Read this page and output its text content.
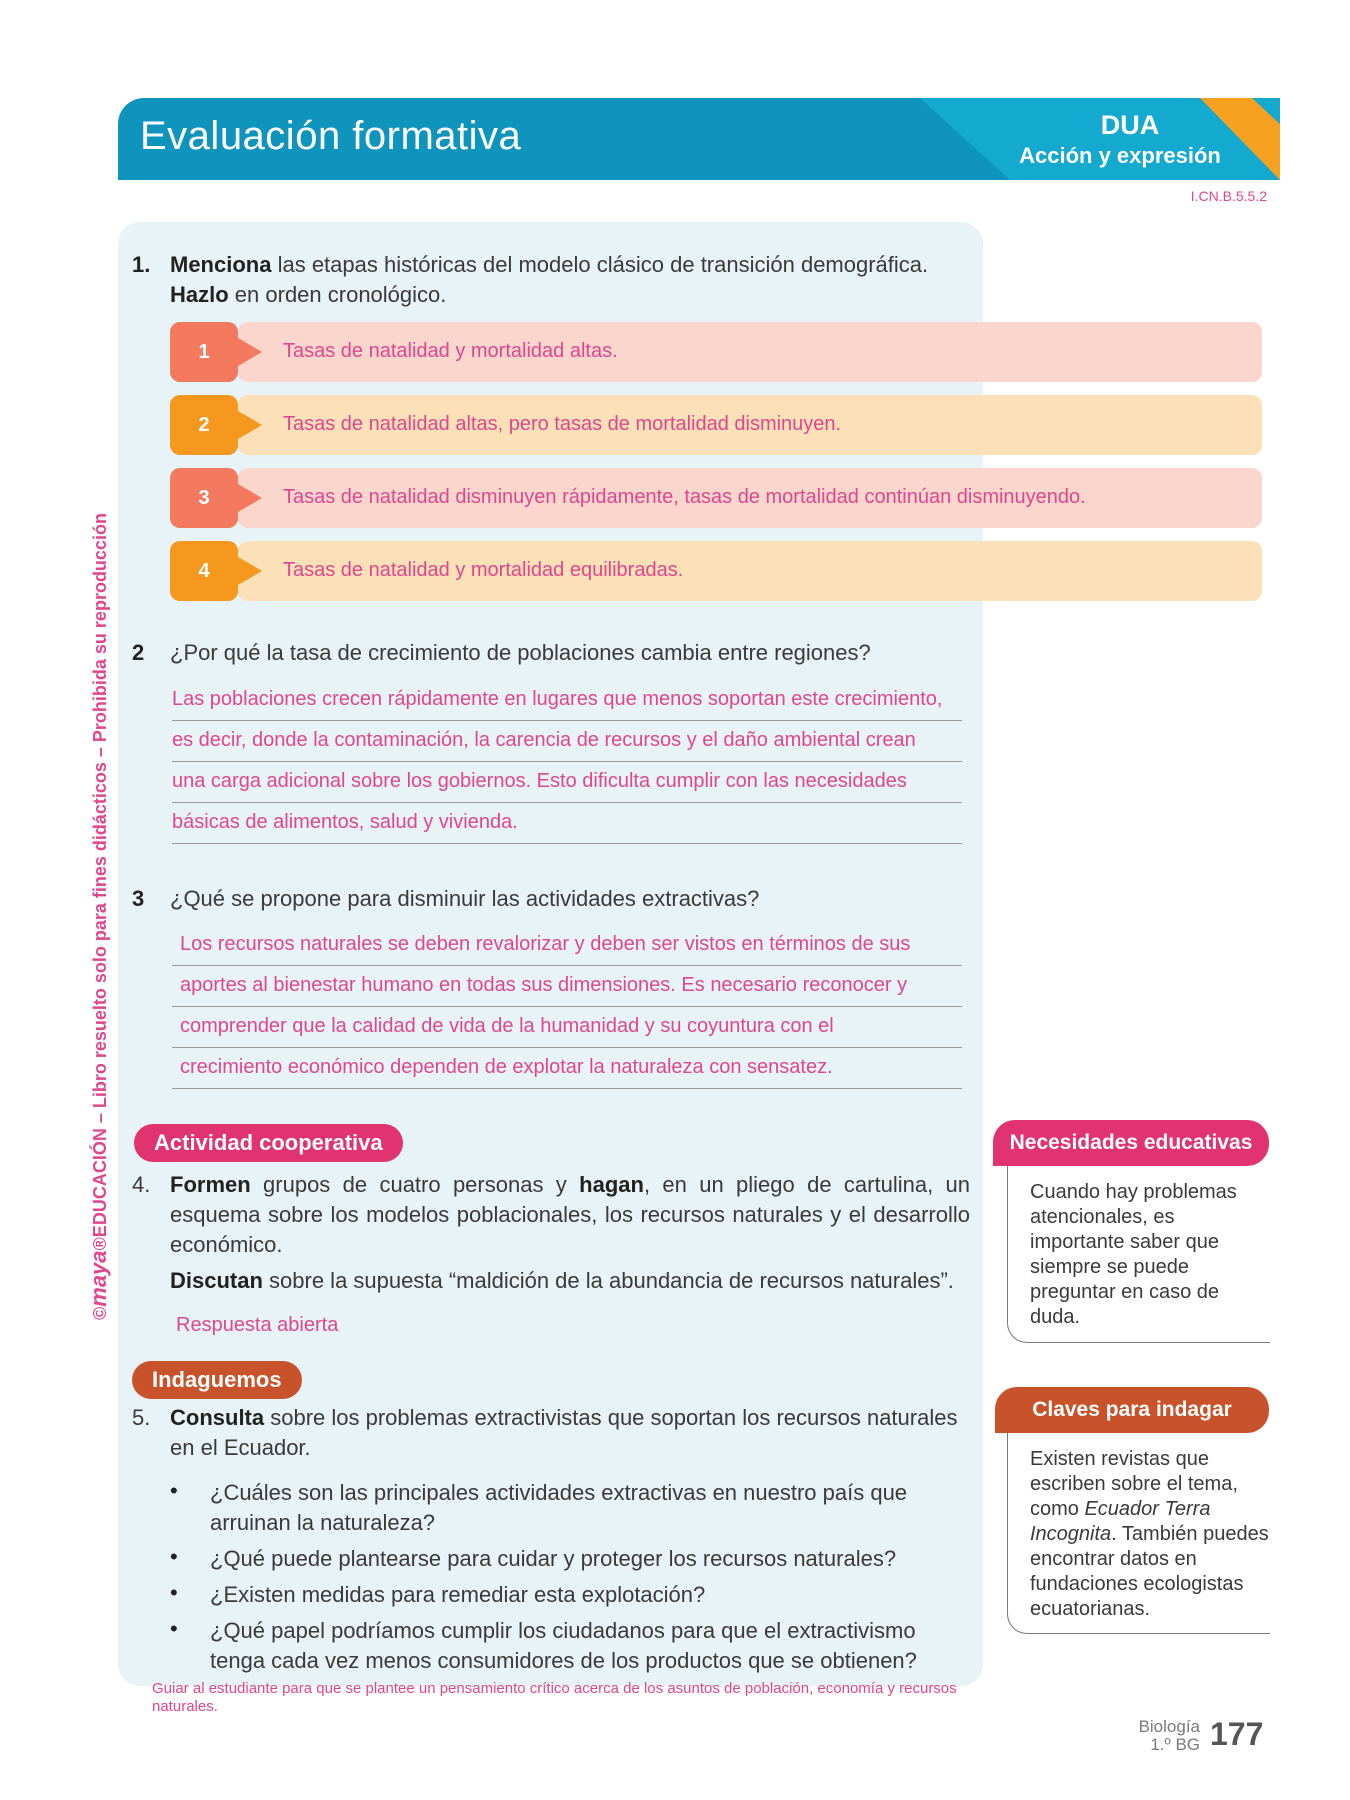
Evaluación formativa	DUA
Acción y expresión
I.CN.B.5.5.2
©maya®EDUCACIÓN – Libro resuelto solo para fines didácticos – Prohibida su reproducción
1. Menciona las etapas históricas del modelo clásico de transición demográfica.
Hazlo en orden cronológico.
1	Tasas de natalidad y mortalidad altas.
2	Tasas de natalidad altas, pero tasas de mortalidad disminuyen.
3	Tasas de natalidad disminuyen rápidamente, tasas de mortalidad continúan disminuyendo.
4	Tasas de natalidad y mortalidad equilibradas.
2 ¿Por qué la tasa de crecimiento de poblaciones cambia entre regiones?
Las poblaciones crecen rápidamente en lugares que menos soportan este crecimiento,
es decir, donde la contaminación, la carencia de recursos y el daño ambiental crean
una carga adicional sobre los gobiernos. Esto dificulta cumplir con las necesidades
básicas de alimentos, salud y vivienda.
3 ¿Qué se propone para disminuir las actividades extractivas?
Los recursos naturales se deben revalorizar y deben ser vistos en términos de sus
aportes al bienestar humano en todas sus dimensiones. Es necesario reconocer y
comprender que la calidad de vida de la humanidad y su coyuntura con el
crecimiento económico dependen de explotar la naturaleza con sensatez.
Actividad cooperativa
4. Formen grupos de cuatro personas y hagan, en un pliego de cartulina, un esquema sobre los modelos poblacionales, los recursos naturales y el desarrollo económico.
Discutan sobre la supuesta “maldición de la abundancia de recursos naturales”.
Respuesta abierta
Indaguemos
5. Consulta sobre los problemas extractivistas que soportan los recursos naturales en el Ecuador.
• ¿Cuáles son las principales actividades extractivas en nuestro país que arruinan la naturaleza?
• ¿Qué puede plantearse para cuidar y proteger los recursos naturales?
• ¿Existen medidas para remediar esta explotación?
• ¿Qué papel podríamos cumplir los ciudadanos para que el extractivismo tenga cada vez menos consumidores de los productos que se obtienen?
Necesidades educativas
Cuando hay problemas atencionales, es importante saber que siempre se puede preguntar en caso de duda.
Claves para indagar
Existen revistas que escriben sobre el tema, como Ecuador Terra Incognita. También puedes encontrar datos en fundaciones ecologistas ecuatorianas.
Guiar al estudiante para que se plantee un pensamiento crítico acerca de los asuntos de población, economía y recursos naturales.
Biología
1.º BG 177
